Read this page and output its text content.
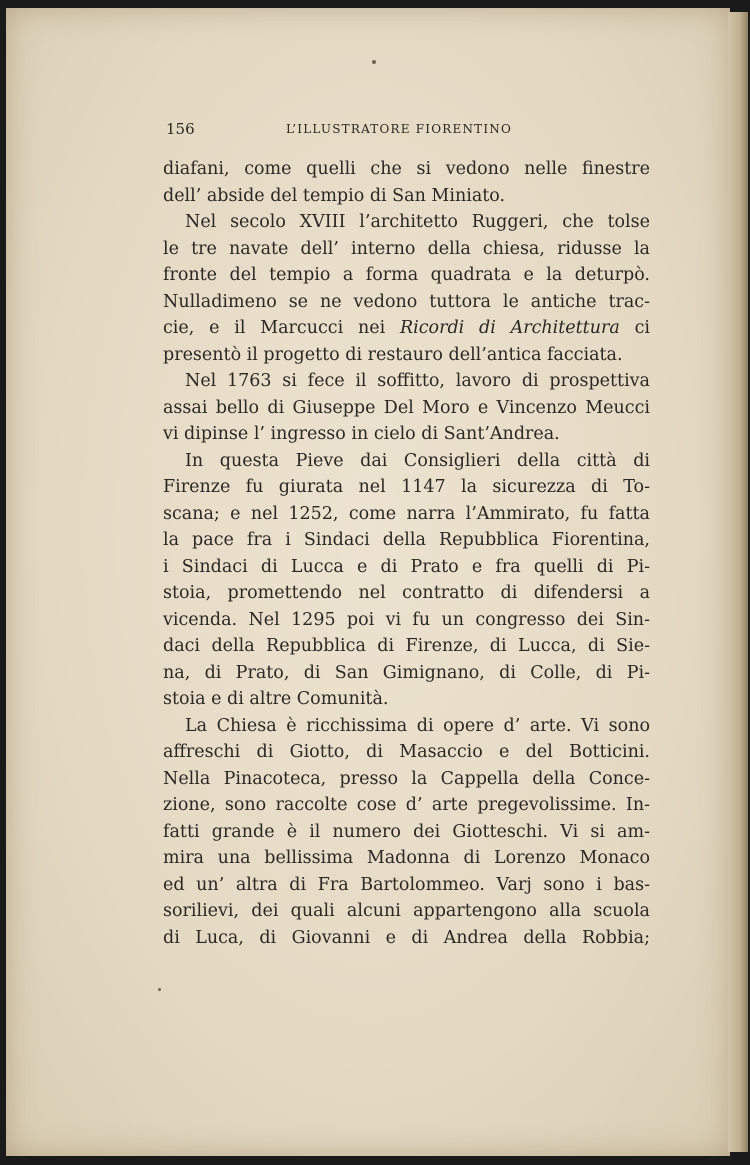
156	L’ILLUSTRATORE FIORENTINO
diafani, come quelli che si vedono nelle finestre
dell’ abside del tempio di San Miniato.
Nel secolo XVIII l’architetto Ruggeri, che tolse
le tre navate dell’ interno della chiesa, ridusse la
fronte del tempio a forma quadrata e la deturpò.
Nulladimeno se ne vedono tuttora le antiche trac-
cie, e il Marcucci nei Ricordi di Architettura ci
presentò il progetto di restauro dell’antica facciata.
Nel 1763 si fece il soffitto, lavoro di prospettiva
assai bello di Giuseppe Del Moro e Vincenzo Meucci
vi dipinse l’ ingresso in cielo di Sant’Andrea.
In questa Pieve dai Consiglieri della città di
Firenze fu giurata nel 1147 la sicurezza di To-
scana; e nel 1252, come narra l’Ammirato, fu fatta
la pace fra i Sindaci della Repubblica Fiorentina,
i Sindaci di Lucca e di Prato e fra quelli di Pi-
stoia, promettendo nel contratto di difendersi a
vicenda. Nel 1295 poi vi fu un congresso dei Sin-
daci della Repubblica di Firenze, di Lucca, di Sie-
na, di Prato, di San Gimignano, di Colle, di Pi-
stoia e di altre Comunità.
La Chiesa è ricchissima di opere d’ arte. Vi sono
affreschi di Giotto, di Masaccio e del Botticini.
Nella Pinacoteca, presso la Cappella della Conce-
zione, sono raccolte cose d’ arte pregevolissime. In-
fatti grande è il numero dei Giotteschi. Vi si am-
mira una bellissima Madonna di Lorenzo Monaco
ed un’ altra di Fra Bartolommeo. Varj sono i bas-
sorilievi, dei quali alcuni appartengono alla scuola
di Luca, di Giovanni e di Andrea della Robbia;
